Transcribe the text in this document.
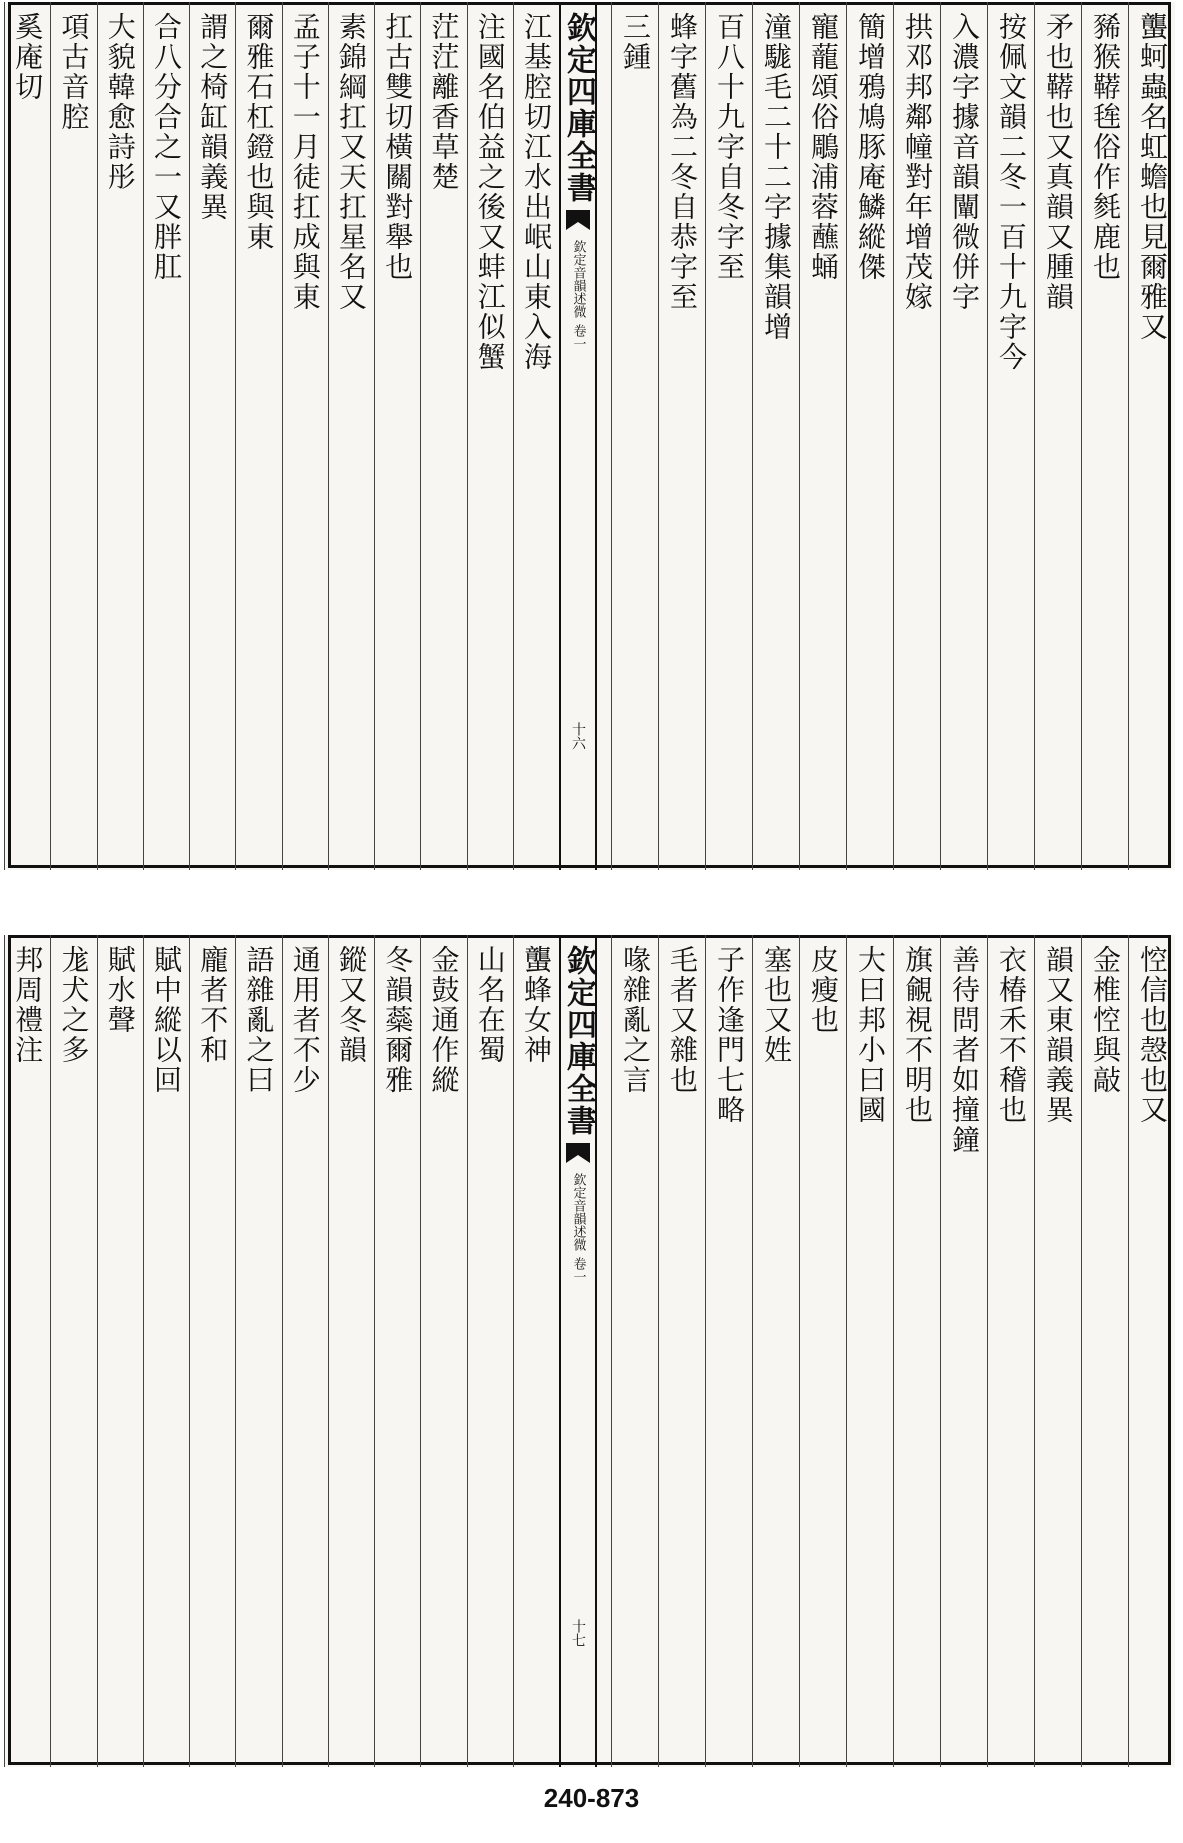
蠪蚵蟲名虹蟾也見爾雅又
豨猴鞯毪俗作毵鹿也
矛也鞯也又真韻又腫韻
按佩文韻二冬一百十九字今
入濃字據音韻闡微併字
拱邓邦鄰幢對年增茂嫁
簡增鴉鳩豚庵鱗縱傑
寵蘢頌俗鵰浦蓉蘸蛹
潼駹毛二十二字據集韻增
百八十九字自冬字至
蜂字舊為二冬自恭字至
三鍾
欽定四庫全書
欽定音韻述微
卷一
十六
江基腔切江水出岷山東入海
注國名伯益之後又蚌江似蟹
茳茳離香草楚
扛古雙切橫關對舉也
素錦綱扛又天扛星名又
孟子十一月徒扛成與東
爾雅石杠鐙也與東
謂之椅缸韻義異
合八分合之一又胖肛
大貌韓愈詩彤
項古音腔
奚庵切
悾信也愨也又
金椎悾與敲
韻又東韻義異
衣椿禾不稽也
善待問者如撞鐘
旗覦視不明也
大曰邦小曰國
皮瘦也
塞也又姓
子作逢門七略
毛者又雜也
喙雜亂之言
欽定四庫全書
欽定音韻述微
卷一
十七
蠪蜂女神
山名在蜀
金鼓通作縱
冬韻蘂爾雅
鏦又冬韻
通用者不少
語雜亂之曰
龐者不和
賦中縱以回
賦水聲
尨犬之多
邦周禮注
240-873
